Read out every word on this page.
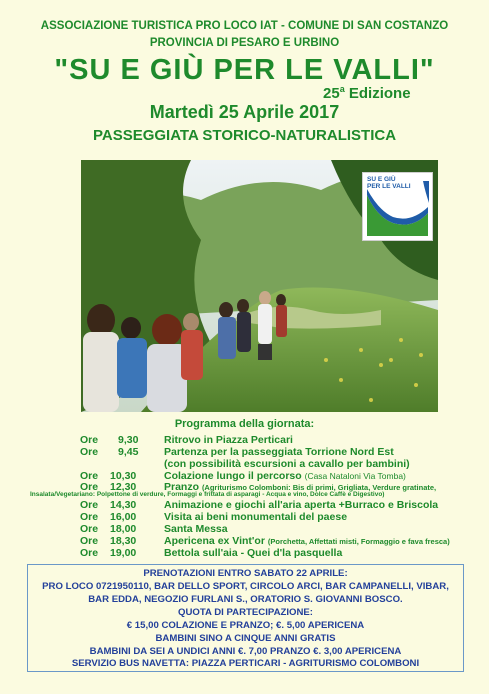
ASSOCIAZIONE TURISTICA PRO LOCO IAT - COMUNE DI SAN COSTANZO
PROVINCIA DI PESARO E URBINO
"SU E GIÙ PER LE VALLI"
25$^a$ Edizione
Martedì 25 Aprile 2017
PASSEGGIATA STORICO-NATURALISTICA
SU E GIÙ
PER LE VALLI
Programma della giornata:
Ore 9,30 Ritrovo in Piazza Perticari
Ore 9,45 Partenza per la passeggiata Torrione Nord Est
(con possibilità escursioni a cavallo per bambini)
Ore 10,30	Colazione lungo il percorso (Casa Nataloni Via Tomba)
Ore 12,30	Pranzo (Agriturismo Colomboni: Bis di primi, Grigliata, Verdure gratinate,
Insalata/Vegetariano: Polpettone di verdure, Formaggi e frittata di asparagi - Acqua e vino, Dolce Caffè e Digestivo)
Ore 14,30	Animazione e giochi all'aria aperta +Burraco e Briscola
Ore 16,00	Visita ai beni monumentali del paese
Ore 18,00	Santa Messa
Ore 18,30	Apericena ex Vint'or (Porchetta, Affettati misti, Formaggio e fava fresca)
Ore 19,00	Bettola sull'aia - Quei d'la pasquella
PRENOTAZIONI ENTRO SABATO 22 APRILE:
PRO LOCO 0721950110, BAR DELLO SPORT, CIRCOLO ARCI, BAR CAMPANELLI, VIBAR,
BAR EDDA, NEGOZIO FURLANI S., ORATORIO S. GIOVANNI BOSCO.
QUOTA DI PARTECIPAZIONE:
€ 15,00 COLAZIONE E PRANZO; €. 5,00 APERICENA
BAMBINI SINO A CINQUE ANNI GRATIS
BAMBINI DA SEI A UNDICI ANNI €. 7,00 PRANZO €. 3,00 APERICENA
SERVIZIO BUS NAVETTA: PIAZZA PERTICARI - AGRITURISMO COLOMBONI
